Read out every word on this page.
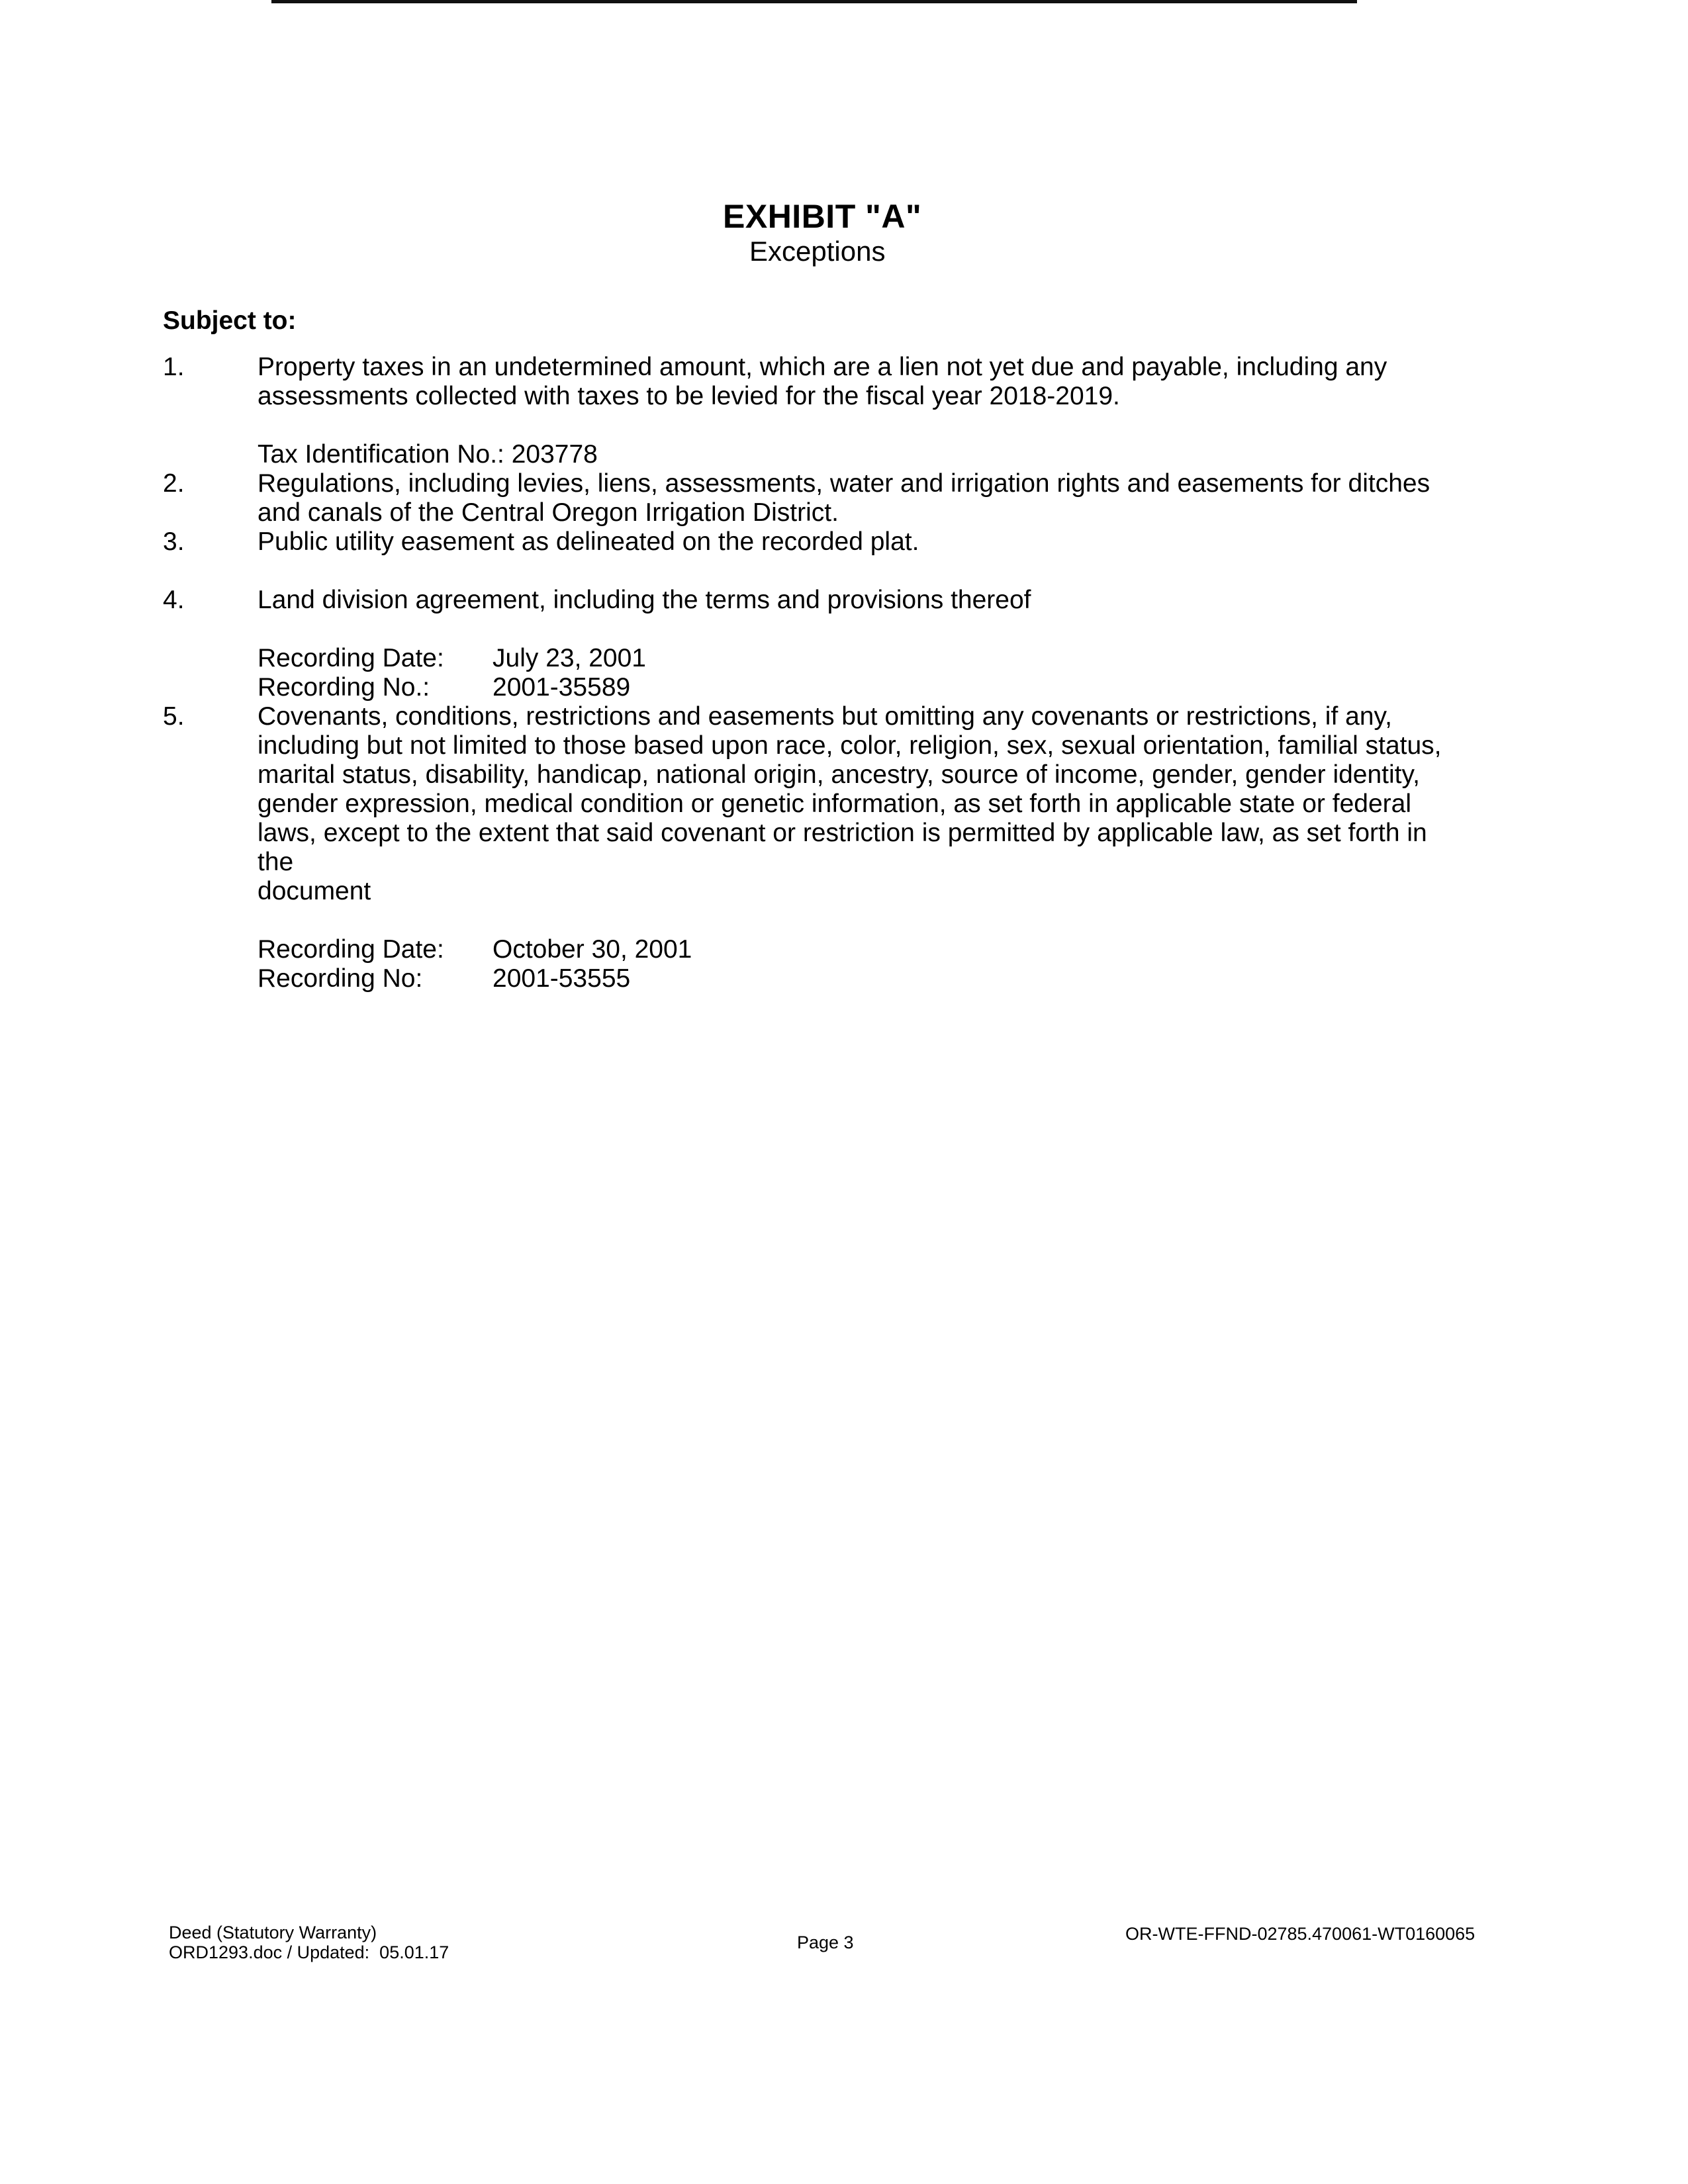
EXHIBIT "A"
Exceptions
Subject to:
1.	Property taxes in an undetermined amount, which are a lien not yet due and payable, including any
assessments collected with taxes to be levied for the fiscal year 2018-2019.

Tax Identification No.: 203778

2.	Regulations, including levies, liens, assessments, water and irrigation rights and easements for ditches
and canals of the Central Oregon Irrigation District.

3.	Public utility easement as delineated on the recorded plat.

4.	Land division agreement, including the terms and provisions thereof

Recording Date:	July 23, 2001
Recording No.:	2001-35589
5.	Covenants, conditions, restrictions and easements but omitting any covenants or restrictions, if any,
including but not limited to those based upon race, color, religion, sex, sexual orientation, familial status,
marital status, disability, handicap, national origin, ancestry, source of income, gender, gender identity,
gender expression, medical condition or genetic information, as set forth in applicable state or federal
laws, except to the extent that said covenant or restriction is permitted by applicable law, as set forth in the
document

Recording Date:	October 30, 2001
Recording No:	2001-53555
Deed (Statutory Warranty)
ORD1293.doc / Updated:  05.01.17	Page 3	OR-WTE-FFND-02785.470061-WT0160065
